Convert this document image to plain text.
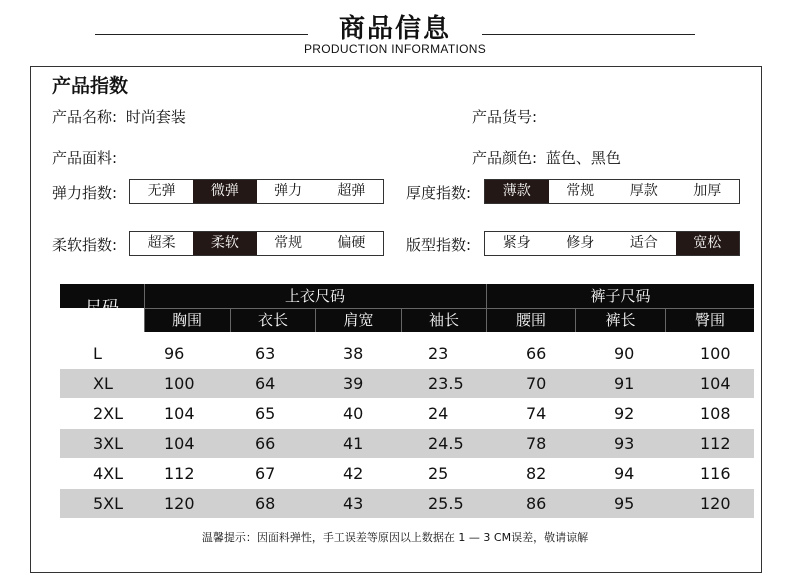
商品信息
PRODUCTION INFORMATIONS
产品指数
产品名称: 时尚套装	产品货号:
产品面料:	产品颜色: 蓝色、黑色
弹力指数:	无弹	微弹	弹力	超弹	厚度指数:	薄款	常规	厚款	加厚
柔软指数:	超柔	柔软	常规	偏硬	版型指数:	紧身	修身	适合	宽松
尺码
上衣尺码	裤子尺码
胸围	衣长	肩宽	袖长	腰围	裤长	臀围
L	96	63	38	23	66	90	100
XL	100	64	39	23.5	70	91	104
2XL	104	65	40	24	74	92	108
3XL	104	66	41	24.5	78	93	112
4XL	112	67	42	25	82	94	116
5XL	120	68	43	25.5	86	95	120
温馨提示：因面料弹性，手工误差等原因以上数据在 1 — 3 CM误差，敬请谅解
